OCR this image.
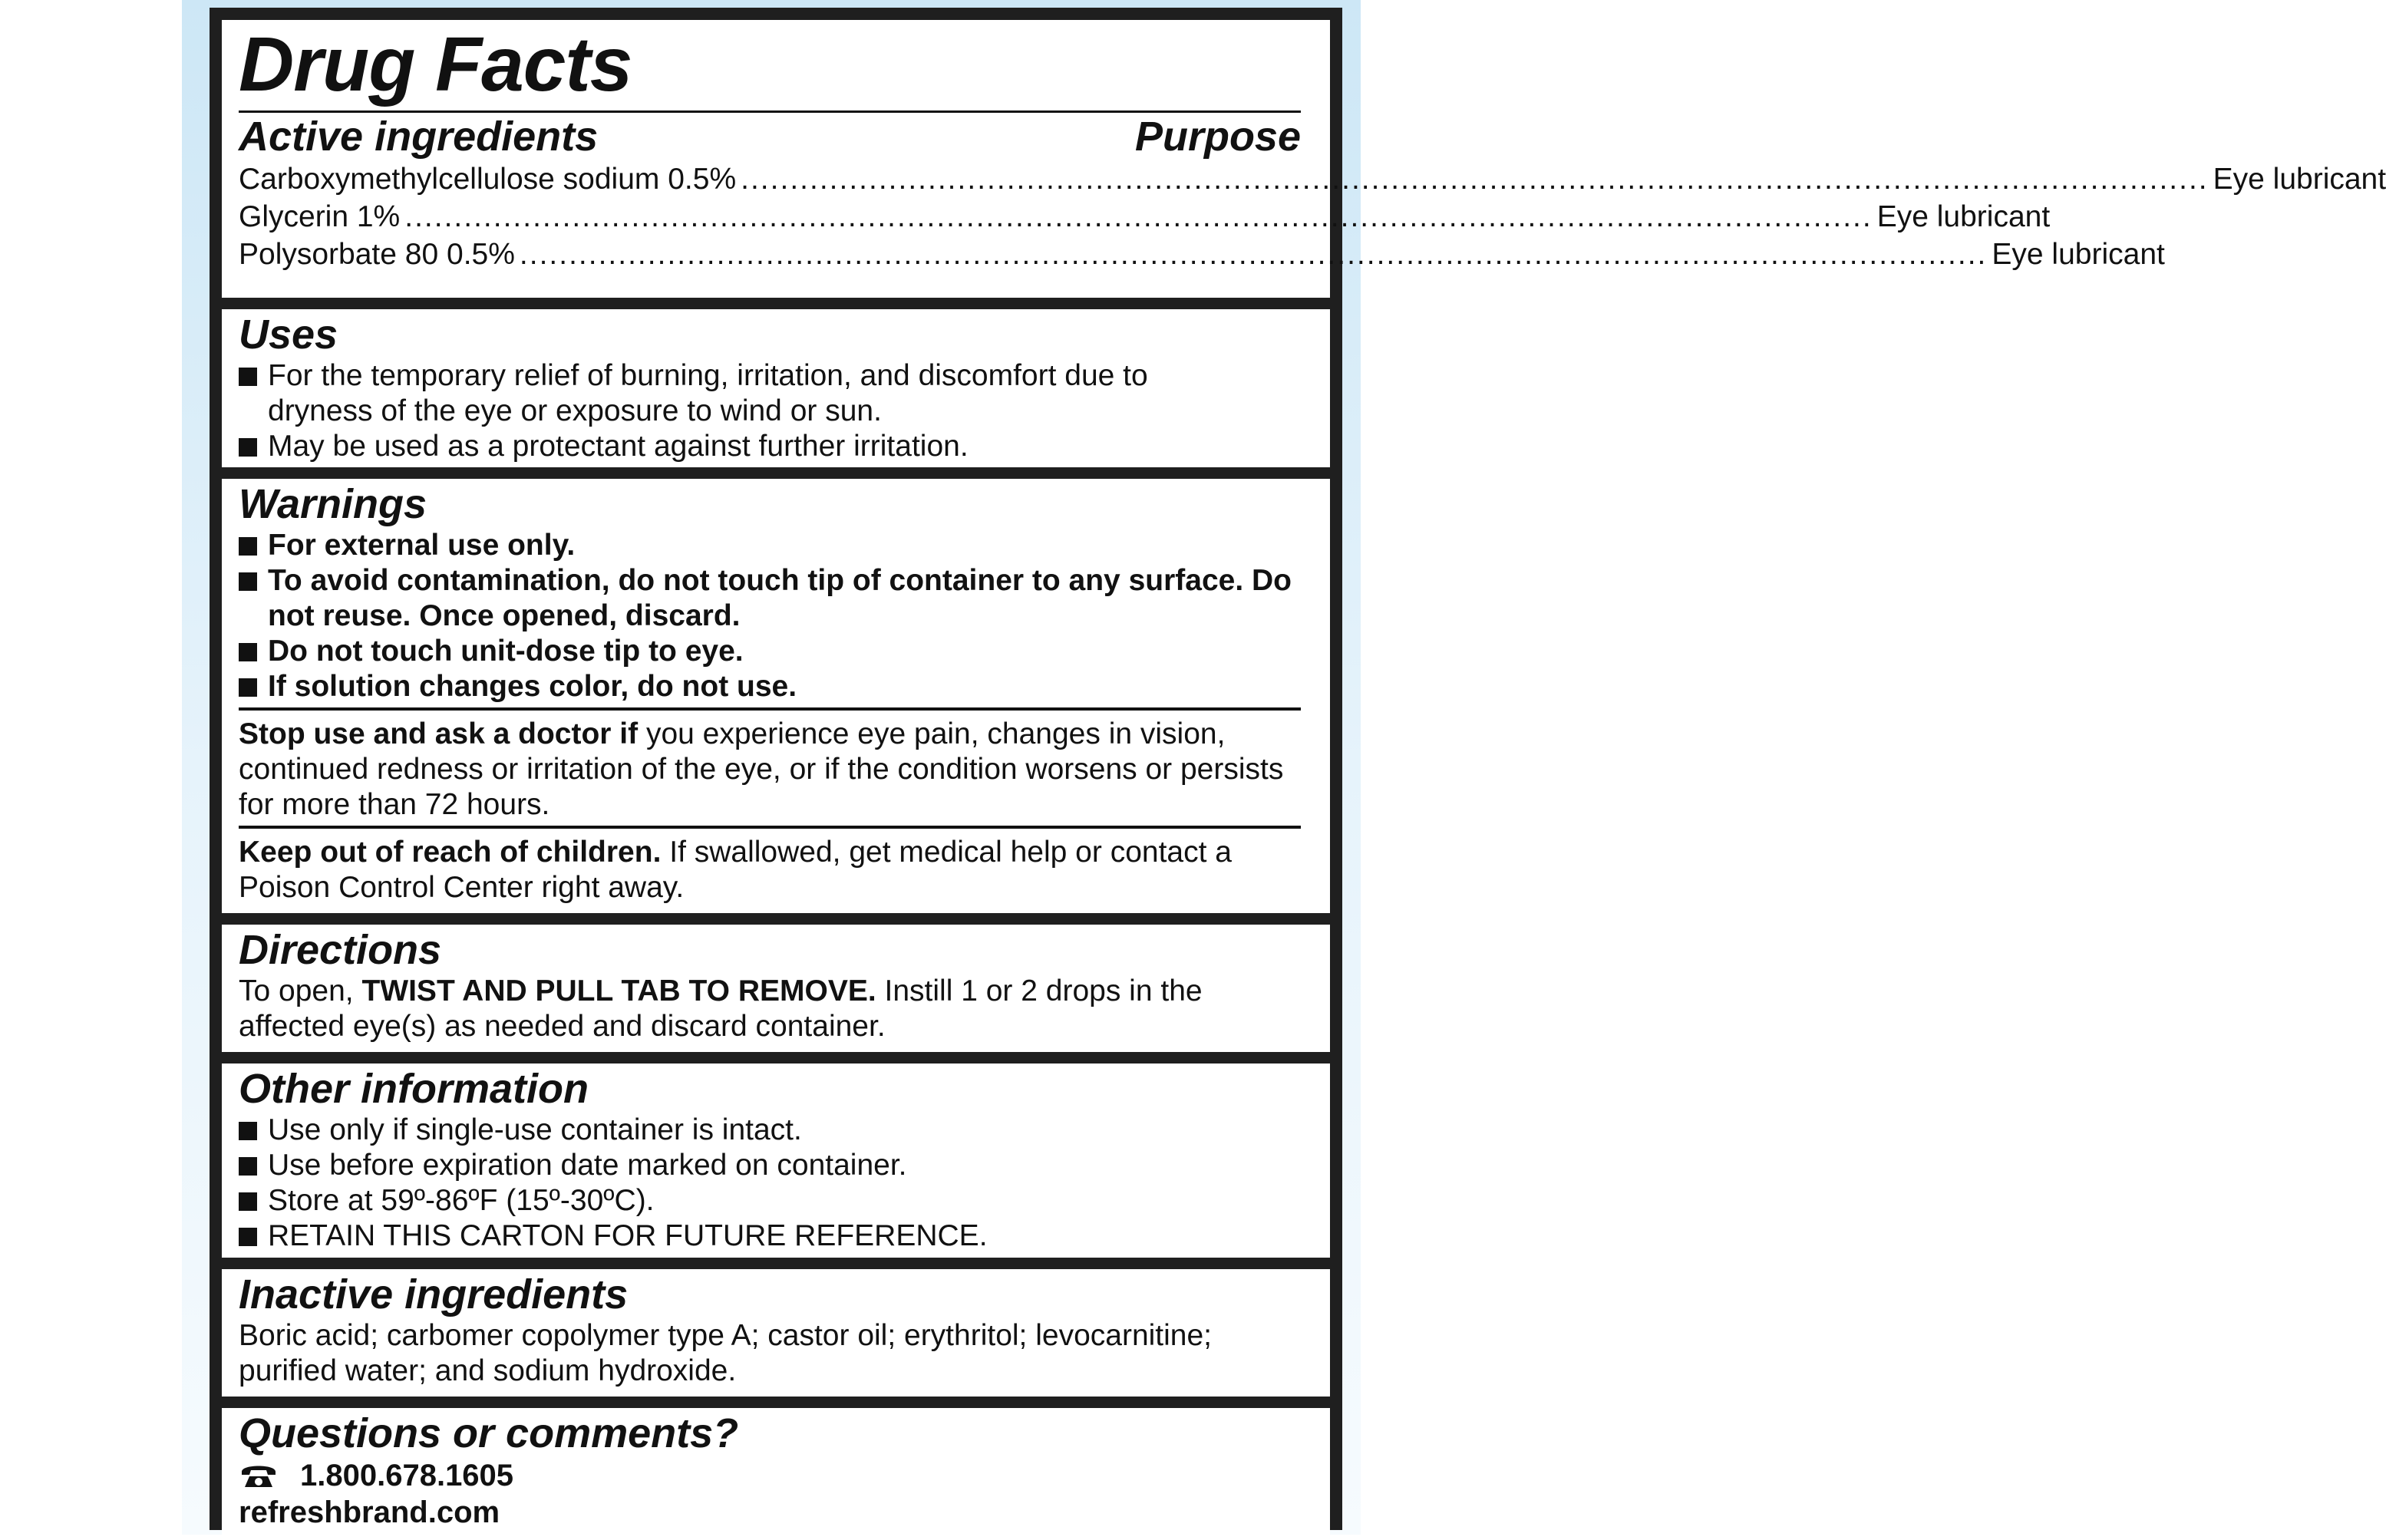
Drug Facts
Active ingredients	Purpose
Carboxymethylcellulose sodium 0.5% ..................................................................................................................................................... Eye lubricant
Glycerin 1% ..................................................................................................................................................... Eye lubricant
Polysorbate 80 0.5% ..................................................................................................................................................... Eye lubricant
Uses
For the temporary relief of burning, irritation, and discomfort due to dryness of the eye or exposure to wind or sun.
May be used as a protectant against further irritation.
Warnings
For external use only.
To avoid contamination, do not touch tip of container to any surface. Do not reuse. Once opened, discard.
Do not touch unit-dose tip to eye.
If solution changes color, do not use.
Stop use and ask a doctor if you experience eye pain, changes in vision, continued redness or irritation of the eye, or if the condition worsens or persists for more than 72 hours.
Keep out of reach of children. If swallowed, get medical help or contact a Poison Control Center right away.
Directions
To open, TWIST AND PULL TAB TO REMOVE. Instill 1 or 2 drops in the affected eye(s) as needed and discard container.
Other information
Use only if single-use container is intact.
Use before expiration date marked on container.
Store at 59º-86ºF (15º-30ºC).
RETAIN THIS CARTON FOR FUTURE REFERENCE.
Inactive ingredients
Boric acid; carbomer copolymer type A; castor oil; erythritol; levocarnitine; purified water; and sodium hydroxide.
Questions or comments?
1.800.678.1605
refreshbrand.com
